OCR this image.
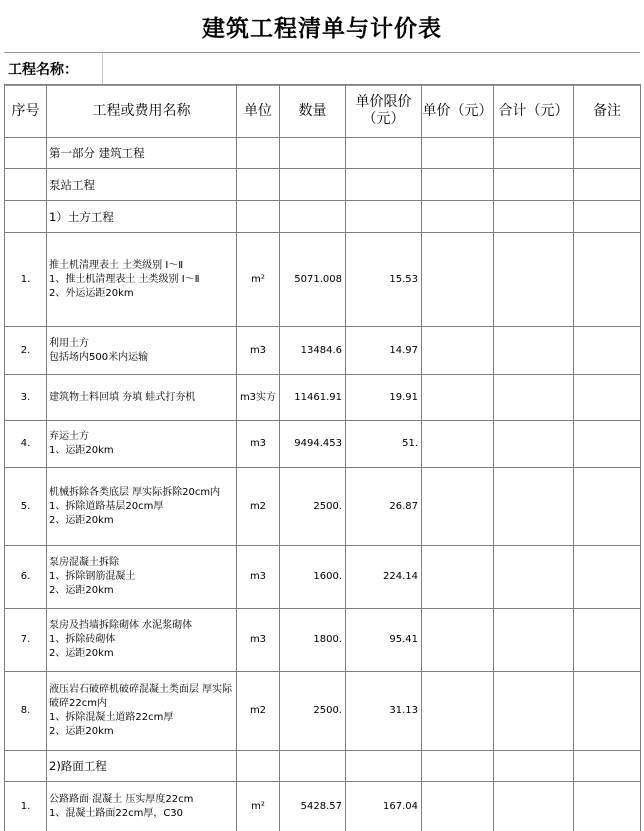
建筑工程清单与计价表
工程名称：
序号	工程或费用名称	单位	数量	单价限价（元）	单价（元）	合计（元）	备注

	第一部分 建筑工程						

	泵站工程						

	1）土方工程						

1.	推土机清理表土 土类级别 Ⅰ～Ⅱ
1、推土机清理表土 土类级别 Ⅰ～Ⅱ
2、外运运距20km	m²	5071.008	15.53			
2.	利用土方
包括场内500米内运输	m3	13484.6	14.97			
3.	建筑物土料回填 夯填 蛙式打夯机	m3实方	11461.91	19.91			
4.	弃运土方
1、运距20km	m3	9494.453	51.			
5.	机械拆除各类底层 厚实际拆除20cm内
1、拆除道路基层20cm厚
2、运距20km	m2	2500.	26.87			
6.	泵房混凝土拆除
1、拆除钢筋混凝土
2、运距20km	m3	1600.	224.14			
7.	泵房及挡墙拆除砌体 水泥浆砌体
1、拆除砖砌体
2、运距20km	m3	1800.	95.41			
8.	液压岩石破碎机破碎混凝土类面层 厚实际破碎22cm内
1、拆除混凝土道路22cm厚
2、运距20km	m2	2500.	31.13			

	2)路面工程						

1.	公路路面 混凝土 压实厚度22cm
1、混凝土路面22cm厚，C30	m²	5428.57	167.04			
